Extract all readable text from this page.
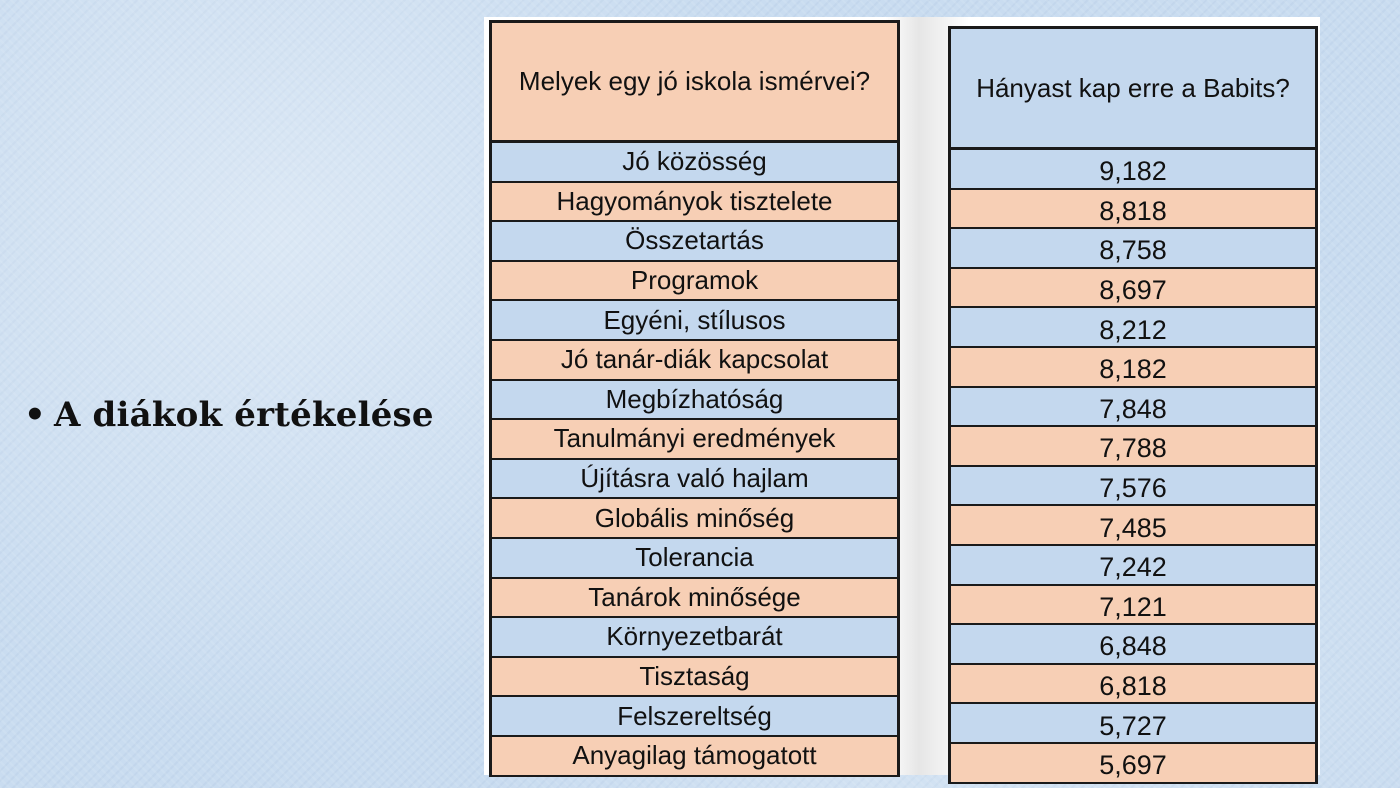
• A diákok értékelése
Melyek egy jó iskola ismérvei?
Jó közösség
Hagyományok tisztelete
Összetartás
Programok
Egyéni, stílusos
Jó tanár-diák kapcsolat
Megbízhatóság
Tanulmányi eredmények
Újításra való hajlam
Globális minőség
Tolerancia
Tanárok minősége
Környezetbarát
Tisztaság
Felszereltség
Anyagilag támogatott
Hányast kap erre a Babits?
9,182
8,818
8,758
8,697
8,212
8,182
7,848
7,788
7,576
7,485
7,242
7,121
6,848
6,818
5,727
5,697
